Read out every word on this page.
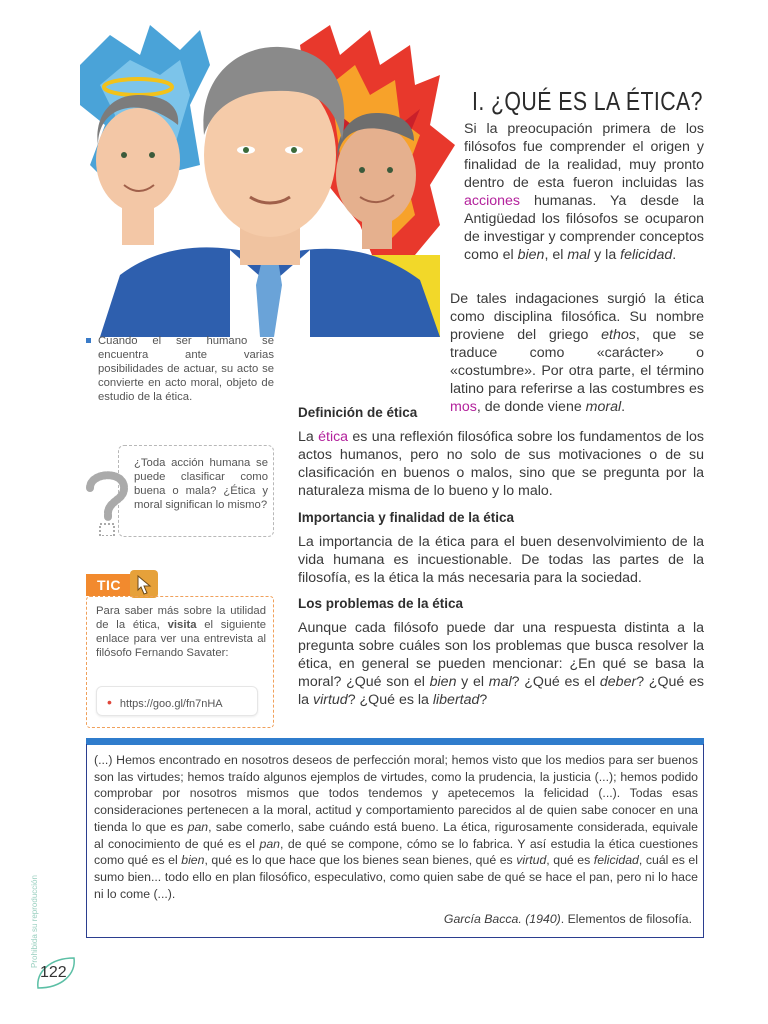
I. ¿QUÉ ES LA ÉTICA?

Si la preocupación primera de los filósofos fue comprender el origen y finalidad de la realidad, muy pronto dentro de esta fueron incluidas las acciones humanas. Ya desde la Antigüedad los filósofos se ocuparon de investigar y comprender conceptos como el bien, el mal y la felicidad.

De tales indagaciones surgió la ética como disciplina filosófica. Su nombre proviene del griego ethos, que se traduce como «carácter» o «costumbre». Por otra parte, el término latino para referirse a las costumbres es mos, de donde viene moral.

Definición de ética

La ética es una reflexión filosófica sobre los fundamentos de los actos humanos, pero no solo de sus motivaciones o de su clasificación en buenos o malos, sino que se pregunta por la naturaleza misma de lo bueno y lo malo.

Importancia y finalidad de la ética

La importancia de la ética para el buen desenvolvimiento de la vida humana es incuestionable. De todas las partes de la filosofía, es la ética la más necesaria para la sociedad.

Los problemas de la ética

Aunque cada filósofo puede dar una respuesta distinta a la pregunta sobre cuáles son los problemas que busca resolver la ética, en general se pueden mencionar: ¿En qué se basa la moral? ¿Qué son el bien y el mal? ¿Qué es el deber? ¿Qué es la virtud? ¿Qué es la libertad?

Cuando el ser humano se encuentra ante varias posibilidades de actuar, su acto se convierte en acto moral, objeto de estudio de la ética.
¿Toda acción humana se puede clasificar como buena o mala? ¿Ética y moral significan lo mismo?
TIC
Para saber más sobre la utilidad de la ética, visita el siguiente enlace para ver una entrevista al filósofo Fernando Savater:
• https://goo.gl/fn7nHA

(...) Hemos encontrado en nosotros deseos de perfección moral; hemos visto que los medios para ser buenos son las virtudes; hemos traído algunos ejemplos de virtudes, como la prudencia, la justicia (...); hemos podido comprobar por nosotros mismos que todos tendemos y apetecemos la felicidad (...). Todas esas consideraciones pertenecen a la moral, actitud y comportamiento parecidos al de quien sabe conocer en una tienda lo que es pan, sabe comerlo, sabe cuándo está bueno. La ética, rigurosamente considerada, equivale al conocimiento de qué es el pan, de qué se compone, cómo se lo fabrica. Y así estudia la ética cuestiones como qué es el bien, qué es lo que hace que los bienes sean bienes, qué es virtud, qué es felicidad, cuál es el sumo bien... todo ello en plan filosófico, especulativo, como quien sabe de qué se hace el pan, pero ni lo hace ni lo come (...).

García Bacca. (1940). Elementos de filosofía.
Prohibida su reproducción
122
